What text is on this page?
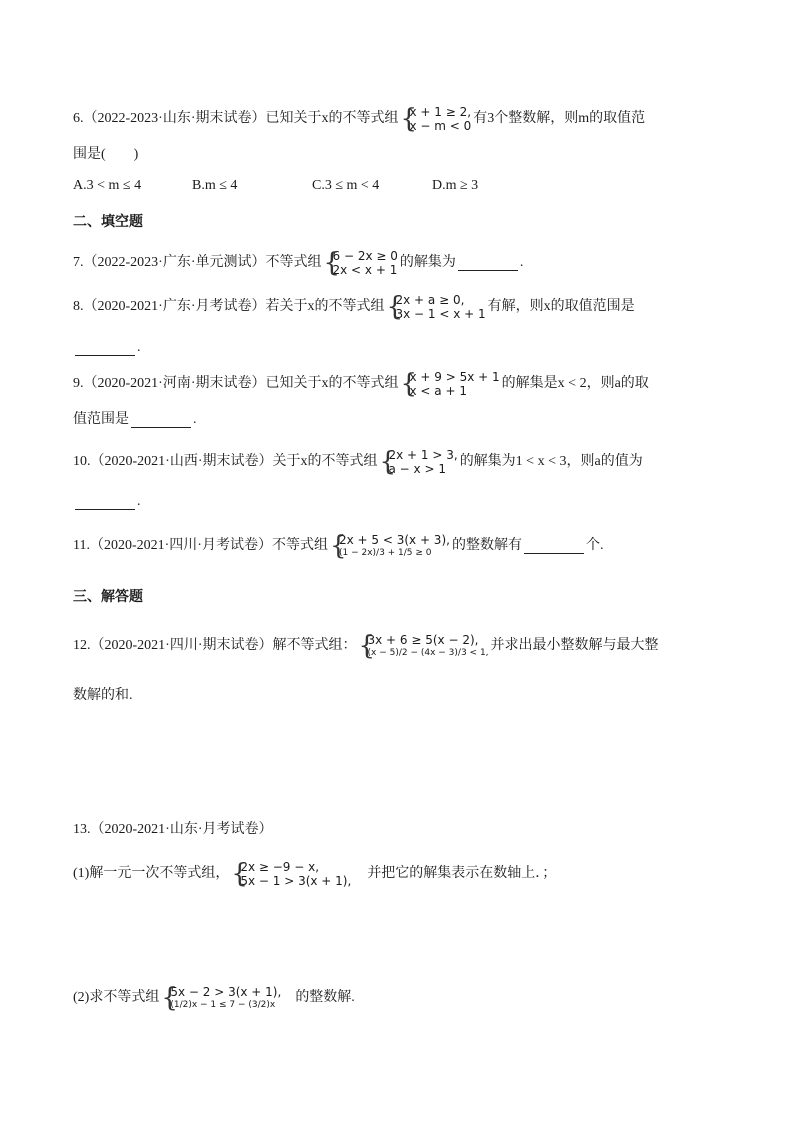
6.（2022-2023·山东·期末试卷）已知关于x的不等式组 {
x + 1 ≥ 2,
x − m < 0 有3个整数解，则m的取值范
围是(　　)
A.3 < m ≤ 4	B.m ≤ 4	C.3 ≤ m < 4	D.m ≥ 3
二、填空题
7.（2022-2023·广东·单元测试）不等式组 {
6 − 2x ≥ 0
2x < x + 1 的解集为	.
8.（2020-2021·广东·月考试卷）若关于x的不等式组 {
2x + a ≥ 0,
3x − 1 < x + 1 有解，则x的取值范围是
.
9.（2020-2021·河南·期末试卷）已知关于x的不等式组 {
x + 9 > 5x + 1
x < a + 1	的解集是x < 2，则a的取
值范围是	.
10.（2020-2021·山西·期末试卷）关于x的不等式组 {
2x + 1 > 3,
a − x > 1 的解集为1 < x < 3，则a的值为
.
11.（2020-2021·四川·月考试卷）不等式组 {
2x + 5 < 3(x + 3),
(1 − 2x)/3 + 1/5 ≥ 0	的整数解有	个.
三、解答题
12.（2020-2021·四川·期末试卷）解不等式组： {
3x + 6 ≥ 5(x − 2),
(x − 5)/2 − (4x − 3)/3 < 1, 并求出最小整数解与最大整
数解的和.
13.（2020-2021·山东·月考试卷）
(1)解一元一次不等式组， {
2x ≥ −9 − x,
5x − 1 > 3(x + 1), 并把它的解集表示在数轴上．；
(2)求不等式组 {
5x − 2 > 3(x + 1),
(1/2)x − 1 ≤ 7 − (3/2)x	的整数解.
